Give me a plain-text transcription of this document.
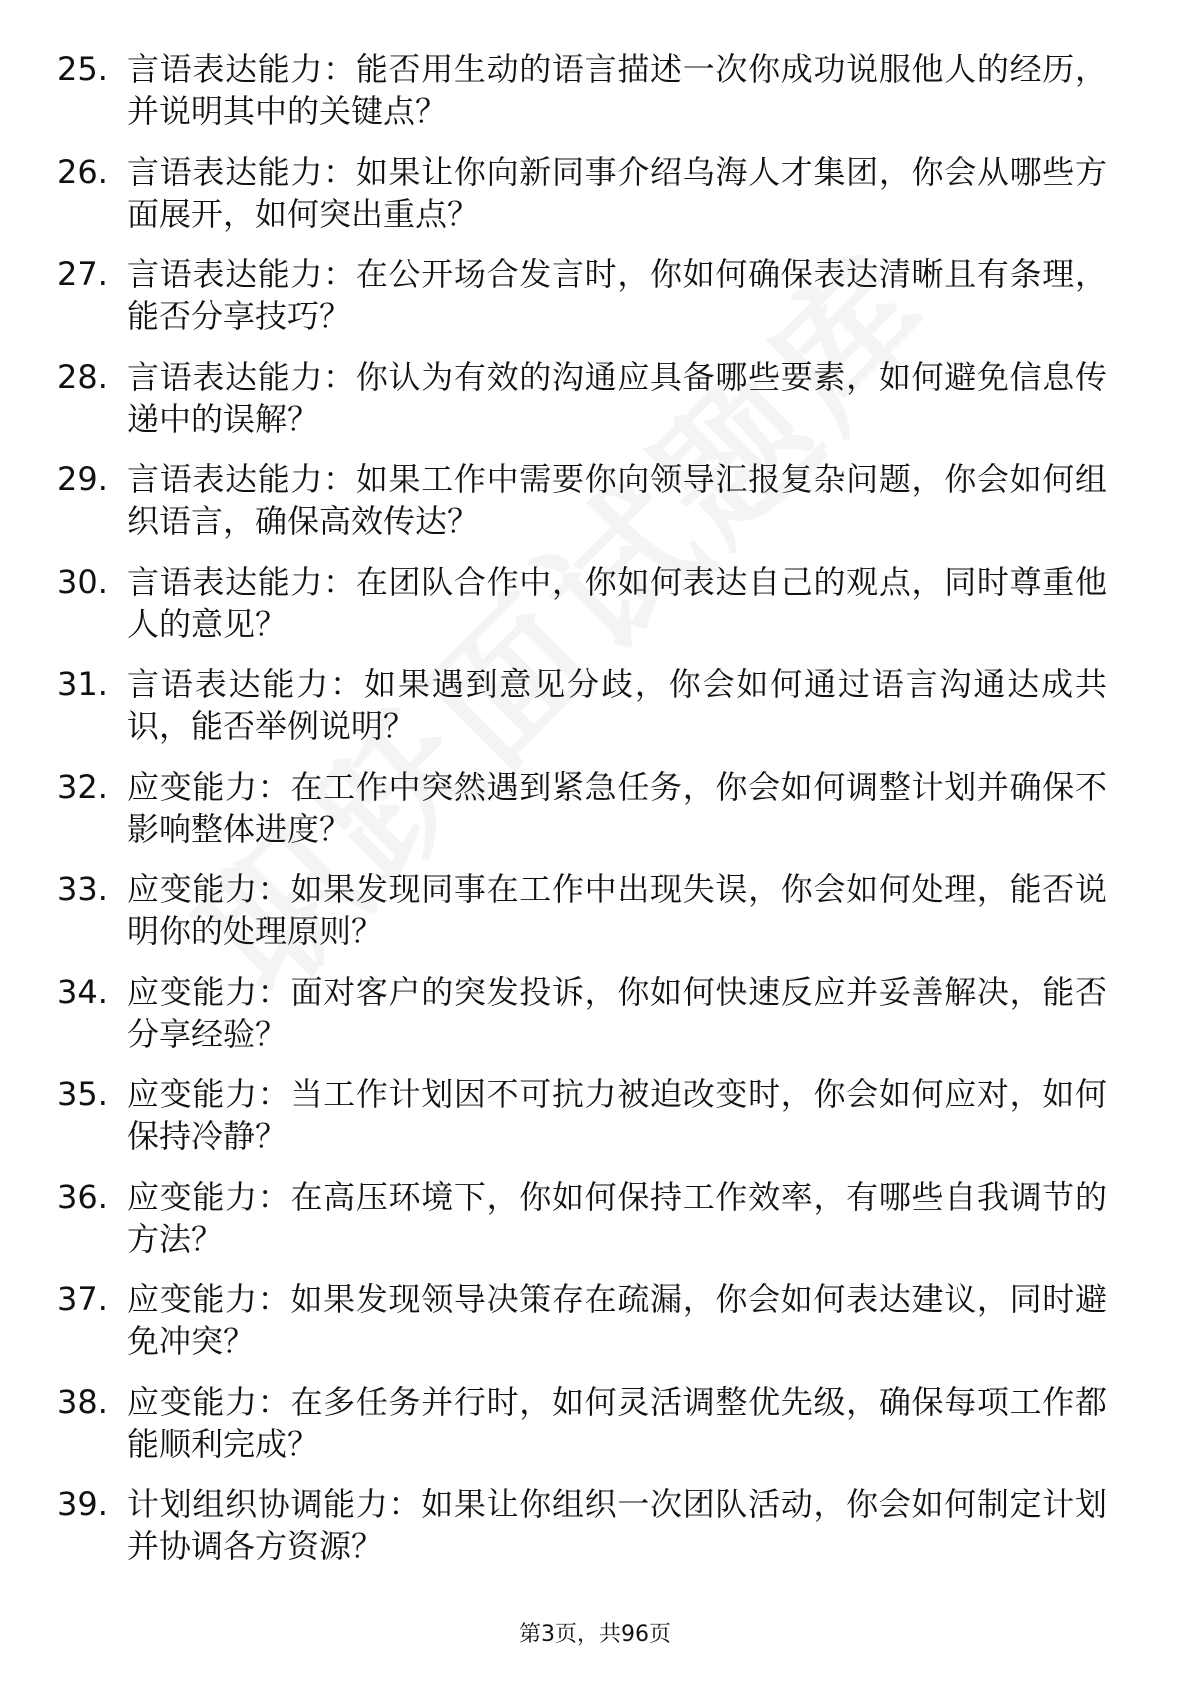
25. 言语表达能力：能否用生动的语言描述一次你成功说服他人的经历，并说明其中的关键点？
26. 言语表达能力：如果让你向新同事介绍乌海人才集团，你会从哪些方面展开，如何突出重点？
27. 言语表达能力：在公开场合发言时，你如何确保表达清晰且有条理，能否分享技巧？
28. 言语表达能力：你认为有效的沟通应具备哪些要素，如何避免信息传递中的误解？
29. 言语表达能力：如果工作中需要你向领导汇报复杂问题，你会如何组织语言，确保高效传达？
30. 言语表达能力：在团队合作中，你如何表达自己的观点，同时尊重他人的意见？
31. 言语表达能力：如果遇到意见分歧，你会如何通过语言沟通达成共识，能否举例说明？
32. 应变能力：在工作中突然遇到紧急任务，你会如何调整计划并确保不影响整体进度？
33. 应变能力：如果发现同事在工作中出现失误，你会如何处理，能否说明你的处理原则？
34. 应变能力：面对客户的突发投诉，你如何快速反应并妥善解决，能否分享经验？
35. 应变能力：当工作计划因不可抗力被迫改变时，你会如何应对，如何保持冷静？
36. 应变能力：在高压环境下，你如何保持工作效率，有哪些自我调节的方法？
37. 应变能力：如果发现领导决策存在疏漏，你会如何表达建议，同时避免冲突？
38. 应变能力：在多任务并行时，如何灵活调整优先级，确保每项工作都能顺利完成？
39. 计划组织协调能力：如果让你组织一次团队活动，你会如何制定计划并协调各方资源？
第3页，共96页
